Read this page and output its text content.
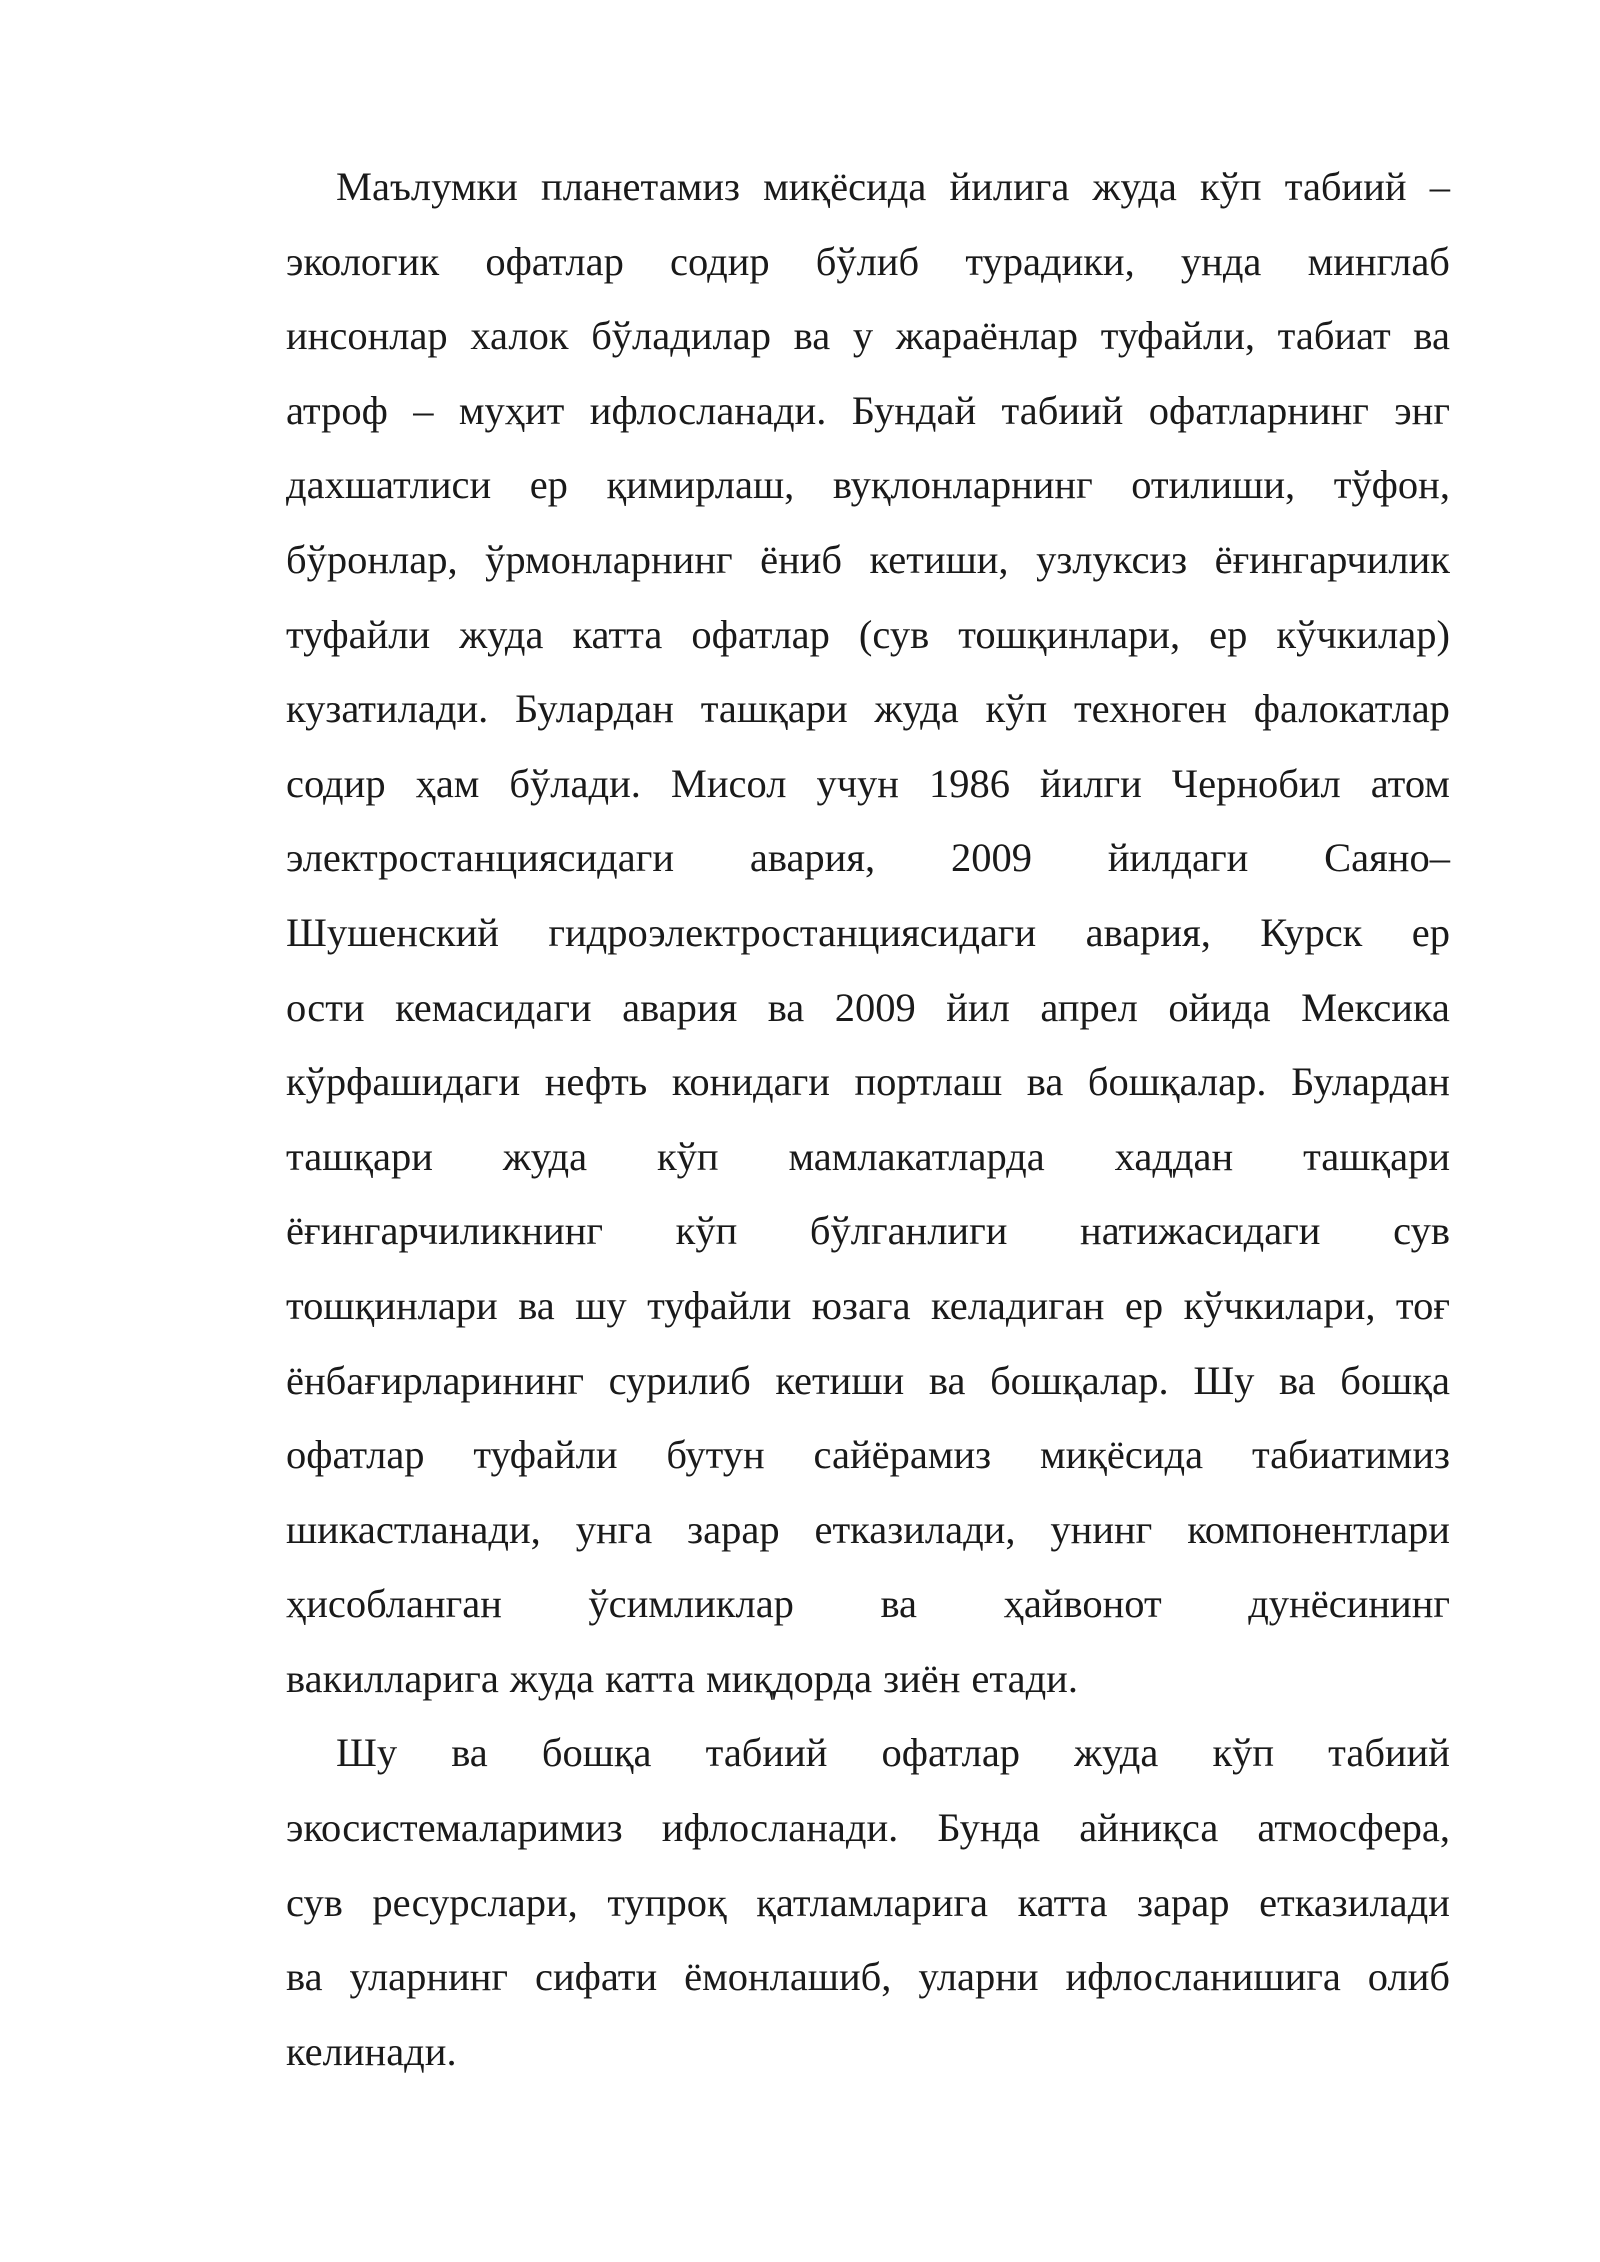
Маълумки планетамиз миқёсида йилига жуда кўп табиий –
экологик офатлар содир бўлиб турадики, унда минглаб
инсонлар халок бўладилар ва у жараёнлар туфайли, табиат ва
атроф – муҳит ифлосланади. Бундай табиий офатларнинг энг
дахшатлиси ер қимирлаш, вуқлонларнинг отилиши, тўфон,
бўронлар, ўрмонларнинг ёниб кетиши, узлуксиз ёғингарчилик
туфайли жуда катта офатлар (сув тошқинлари, ер кўчкилар)
кузатилади. Булардан ташқари жуда кўп техноген фалокатлар
содир ҳам бўлади. Мисол учун 1986 йилги Чернобил атом
электростанциясидаги авария, 2009 йилдаги Саяно–
Шушенский гидроэлектростанциясидаги авария, Курск ер
ости кемасидаги авария ва 2009 йил апрел ойида Мексика
кўрфашидаги нефть конидаги портлаш ва бошқалар. Булардан
ташқари жуда кўп мамлакатларда хаддан ташқари
ёғингарчиликнинг кўп бўлганлиги натижасидаги сув
тошқинлари ва шу туфайли юзага келадиган ер кўчкилари, тоғ
ёнбағирларининг сурилиб кетиши ва бошқалар. Шу ва бошқа
офатлар туфайли бутун сайёрамиз миқёсида табиатимиз
шикастланади, унга зарар етказилади, унинг компонентлари
ҳисобланган ўсимликлар ва ҳайвонот дунёсининг
вакилларига жуда катта миқдорда зиён етади.
Шу ва бошқа табиий офатлар жуда кўп табиий
экосистемаларимиз ифлосланади. Бунда айниқса атмосфера,
сув ресурслари, тупроқ қатламларига катта зарар етказилади
ва уларнинг сифати ёмонлашиб, уларни ифлосланишига олиб
келинади.
